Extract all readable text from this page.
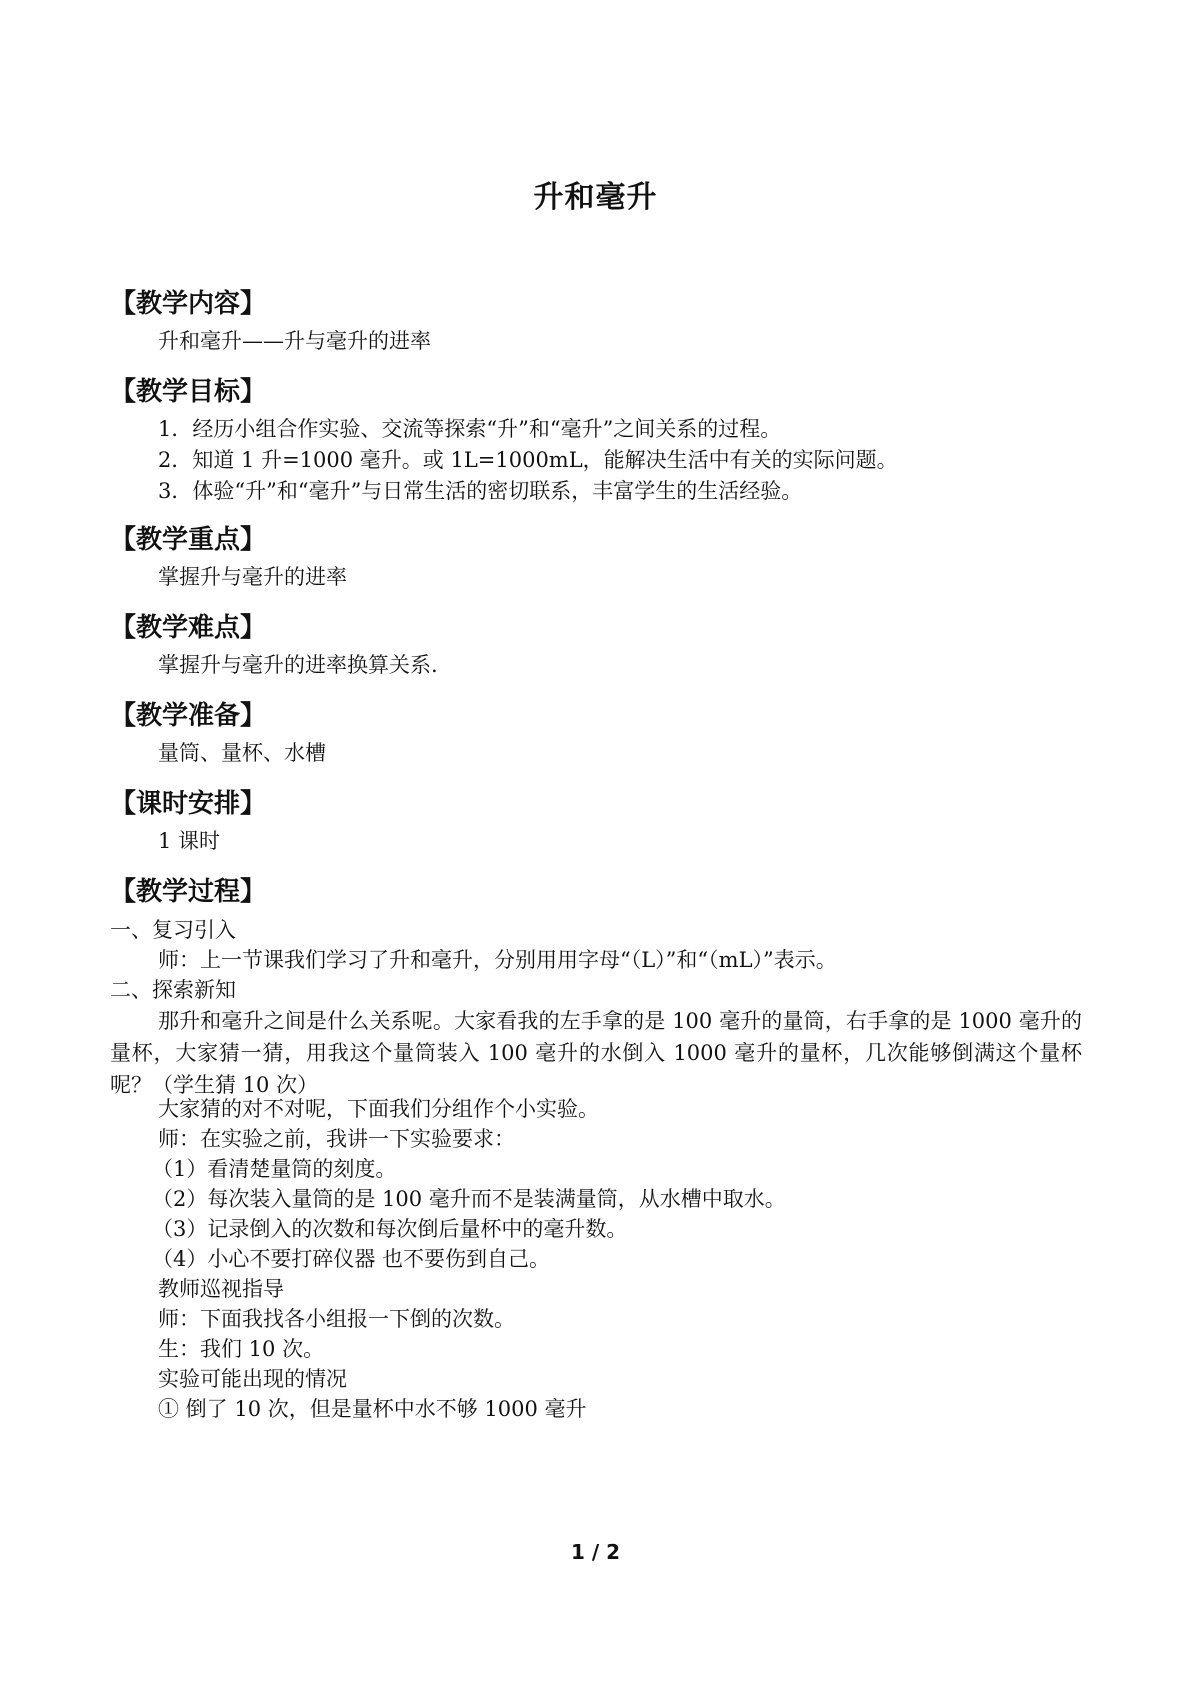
升和毫升
【教学内容】
升和毫升——升与毫升的进率
【教学目标】
1．经历小组合作实验、交流等探索“升”和“毫升”之间关系的过程。
2．知道 1 升=1000 毫升。或 1L=1000mL，能解决生活中有关的实际问题。
3．体验“升”和“毫升”与日常生活的密切联系，丰富学生的生活经验。
【教学重点】
掌握升与毫升的进率
【教学难点】
掌握升与毫升的进率换算关系.
【教学准备】
量筒、量杯、水槽
【课时安排】
1 课时
【教学过程】
一、复习引入
师：上一节课我们学习了升和毫升，分别用用字母“（L）”和“（mL）”表示。
二、探索新知
那升和毫升之间是什么关系呢。大家看我的左手拿的是 100 毫升的量筒，右手拿的是 1000 毫升的量杯，大家猜一猜，用我这个量筒装入 100 毫升的水倒入 1000 毫升的量杯，几次能够倒满这个量杯呢？（学生猜 10 次）
大家猜的对不对呢，下面我们分组作个小实验。
师：在实验之前，我讲一下实验要求：
（1）看清楚量筒的刻度。
（2）每次装入量筒的是 100 毫升而不是装满量筒，从水槽中取水。
（3）记录倒入的次数和每次倒后量杯中的毫升数。
（4）小心不要打碎仪器 也不要伤到自己。
教师巡视指导
师：下面我找各小组报一下倒的次数。
生：我们 10 次。
实验可能出现的情况
① 倒了 10 次，但是量杯中水不够 1000 毫升
1 / 2
